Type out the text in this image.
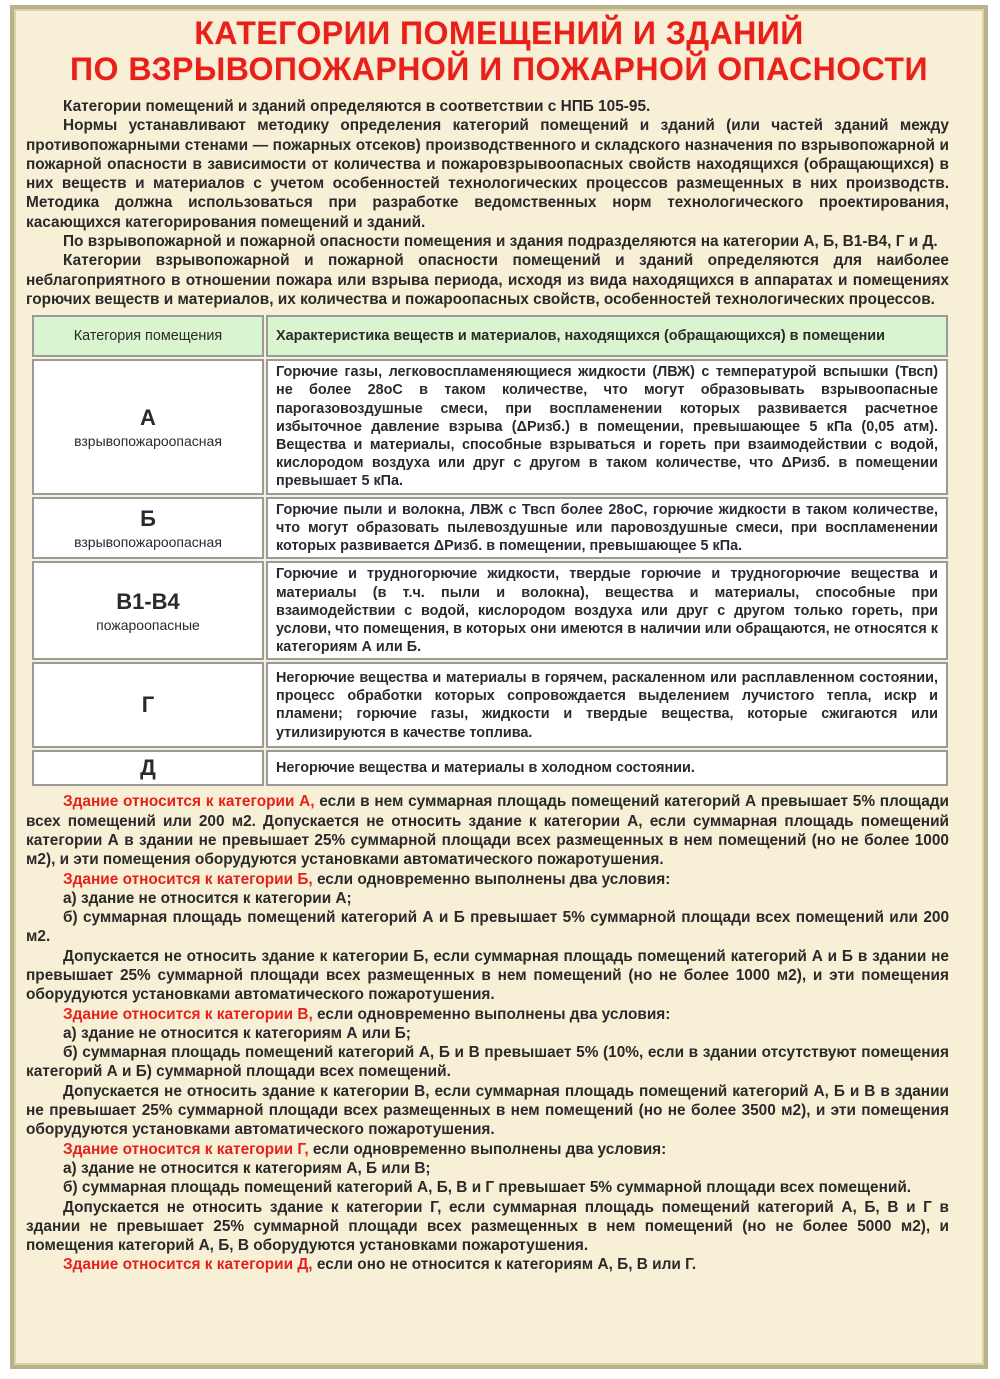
КАТЕГОРИИ ПОМЕЩЕНИЙ И ЗДАНИЙ
ПО ВЗРЫВОПОЖАРНОЙ И ПОЖАРНОЙ ОПАСНОСТИ

Категории помещений и зданий определяются в соответствии с НПБ 105-95.

Нормы устанавливают методику определения категорий помещений и зданий (или частей зданий между противопожарными стенами — пожарных отсеков) производственного и складского назначения по взрывопожарной и пожарной опасности в зависимости от количества и пожаровзрывоопасных свойств находящихся (обращающихся) в них веществ и материалов с учетом особенностей технологических процессов размещенных в них производств. Методика должна использоваться при разработке ведомственных норм технологического проектирования, касающихся категорирования помещений и зданий.

По взрывопожарной и пожарной опасности помещения и здания подразделяются на категории А, Б, В1-В4, Г и Д.

Категории взрывопожарной и пожарной опасности помещений и зданий определяются для наиболее неблагоприятного в отношении пожара или взрыва периода, исходя из вида находящихся в аппаратах и помещениях горючих веществ и материалов, их количества и пожароопасных свойств, особенностей технологических процессов.

Категория помещения	Характеристика веществ и материалов, находящихся (обращающихся) в помещении

А
взрывопожароопасная	Горючие газы, легковоспламеняющиеся жидкости (ЛВЖ) с температурой вспышки (Твсп) не более 28оС в таком количестве, что могут образовывать взрывоопасные парогазовоздушные смеси, при воспламенении которых развивается расчетное избыточное давление взрыва (ΔРизб.) в помещении, превышающее 5 кПа (0,05 атм). Вещества и материалы, способные взрываться и гореть при взаимодействии с водой, кислородом воздуха или друг с другом в таком количестве, что ΔРизб. в помещении превышает 5 кПа.

Б
взрывопожароопасная	Горючие пыли и волокна, ЛВЖ с Твсп более 28оС, горючие жидкости в таком количестве, что могут образовать пылевоздушные или паровоздушные смеси, при воспламенении которых развивается ΔРизб. в помещении, превышающее 5 кПа.

В1-В4
пожароопасные	Горючие и трудногорючие жидкости, твердые горючие и трудногорючие вещества и материалы (в т.ч. пыли и волокна), вещества и материалы, способные при взаимодействии с водой, кислородом воздуха или друг с другом только гореть, при услови, что помещения, в которых они имеются в наличии или обращаются, не относятся к категориям А или Б.

Г	Негорючие вещества и материалы в горячем, раскаленном или расплавленном состоянии, процесс обработки которых сопровождается выделением лучистого тепла, искр и пламени; горючие газы, жидкости и твердые вещества, которые сжигаются или утилизируются в качестве топлива.

Д	Негорючие вещества и материалы в холодном состоянии.

Здание относится к категории А, если в нем суммарная площадь помещений категорий А превышает 5% площади всех помещений или 200 м2. Допускается не относить здание к категории А, если суммарная площадь помещений категории А в здании не превышает 25% суммарной площади всех размещенных в нем помещений (но не более 1000 м2), и эти помещения оборудуются установками автоматического пожаротушения.

Здание относится к категории Б, если одновременно выполнены два условия:

а) здание не относится к категории А;

б) суммарная площадь помещений категорий А и Б превышает 5% суммарной площади всех помещений или 200 м2.

Допускается не относить здание к категории Б, если суммарная площадь помещений категорий А и Б в здании не превышает 25% суммарной площади всех размещенных в нем помещений (но не более 1000 м2), и эти помещения оборудуются установками автоматического пожаротушения.

Здание относится к категории В, если одновременно выполнены два условия:

а) здание не относится к категориям А или Б;

б) суммарная площадь помещений категорий А, Б и В превышает 5% (10%, если в здании отсутствуют помещения категорий А и Б) суммарной площади всех помещений.

Допускается не относить здание к категории В, если суммарная площадь помещений категорий А, Б и В в здании не превышает 25% суммарной площади всех размещенных в нем помещений (но не более 3500 м2), и эти помещения оборудуются установками автоматического пожаротушения.

Здание относится к категории Г, если одновременно выполнены два условия:

а) здание не относится к категориям А, Б или В;

б) суммарная площадь помещений категорий А, Б, В и Г превышает 5% суммарной площади всех помещений.

Допускается не относить здание к категории Г, если суммарная площадь помещений категорий А, Б, В и Г в здании не превышает 25% суммарной площади всех размещенных в нем помещений (но не более 5000 м2), и помещения категорий А, Б, В оборудуются установками пожаротушения.

Здание относится к категории Д, если оно не относится к категориям А, Б, В или Г.
